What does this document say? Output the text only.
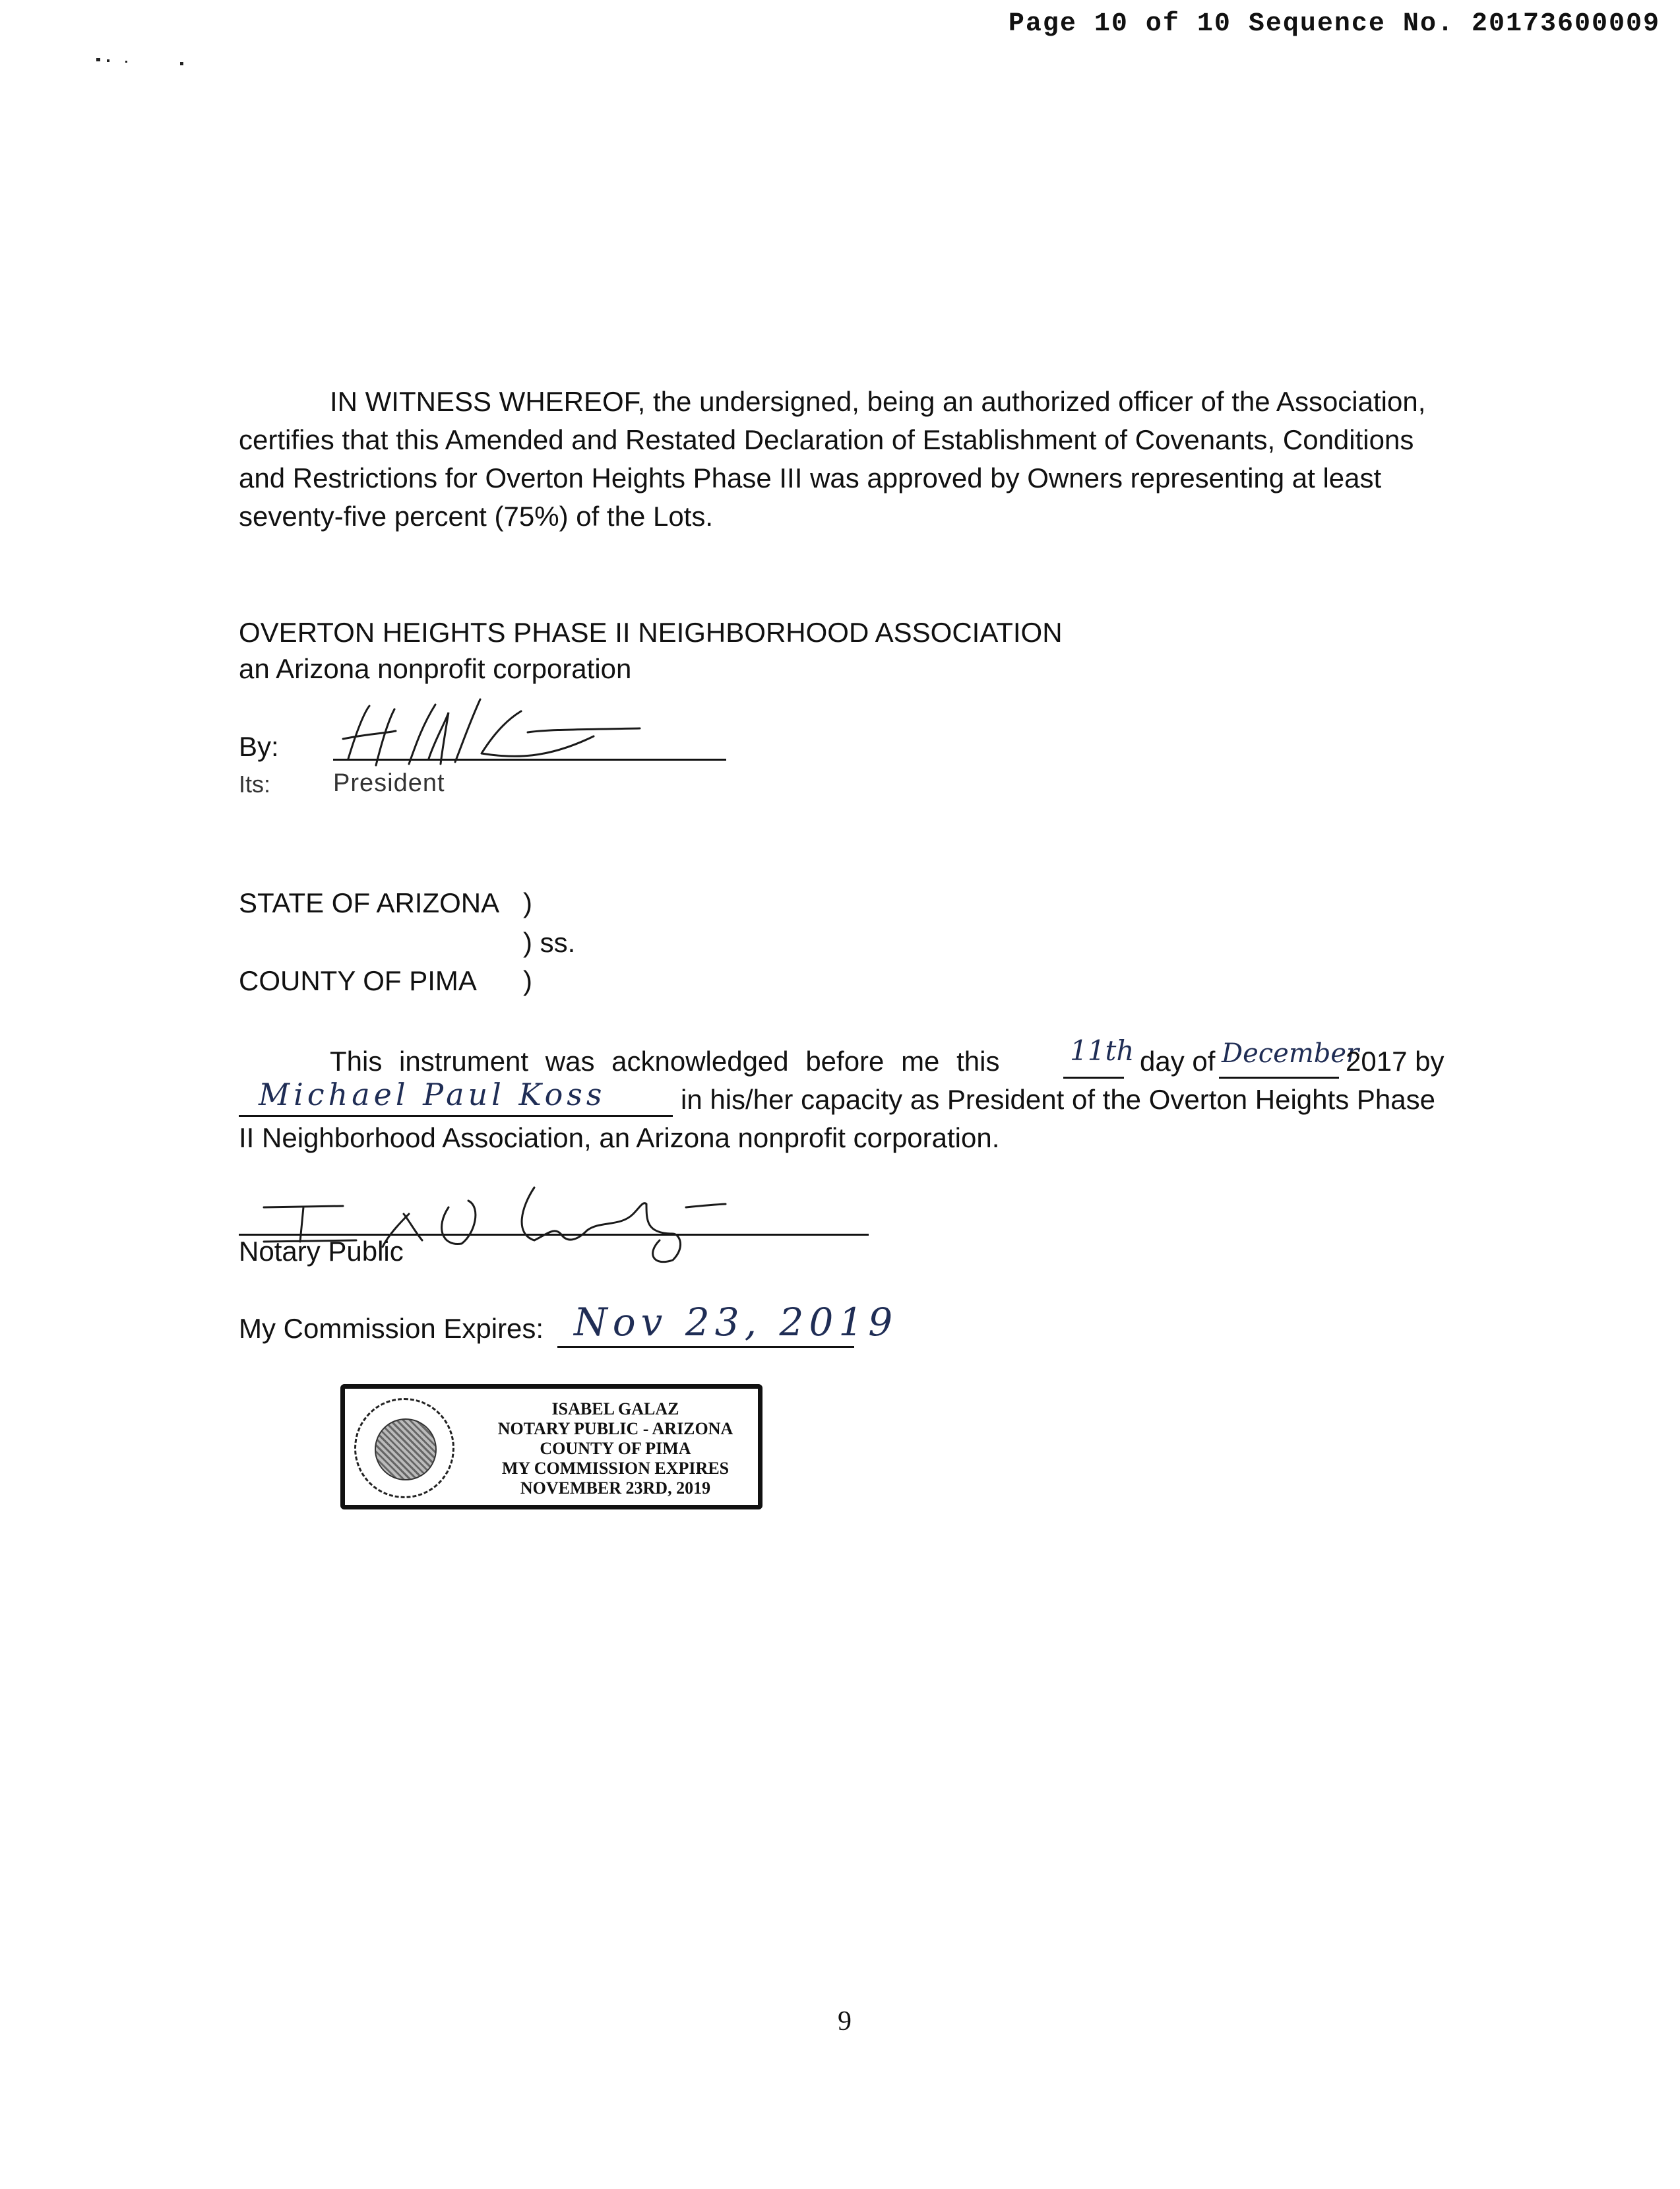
Page 10 of 10 Sequence No. 20173600009
IN WITNESS WHEREOF, the undersigned, being an authorized officer of the Association,
certifies that this Amended and Restated Declaration of Establishment of Covenants, Conditions
and Restrictions for Overton Heights Phase III was approved by Owners representing at least
seventy-five percent (75%) of the Lots.
OVERTON HEIGHTS PHASE II NEIGHBORHOOD ASSOCIATION
an Arizona nonprofit corporation
By:
Its: President
STATE OF ARIZONA )
) ss.
COUNTY OF PIMA )
This instrument was acknowledged before me this	11th day of December
2017 by
Michael Paul Koss	in his/her capacity as President of the Overton Heights Phase
II Neighborhood Association, an Arizona nonprofit corporation.
Notary Public
My Commission Expires: Nov 23, 2019
ISABEL GALAZ
NOTARY PUBLIC - ARIZONA
COUNTY OF PIMA
MY COMMISSION EXPIRES
NOVEMBER 23RD, 2019
9
